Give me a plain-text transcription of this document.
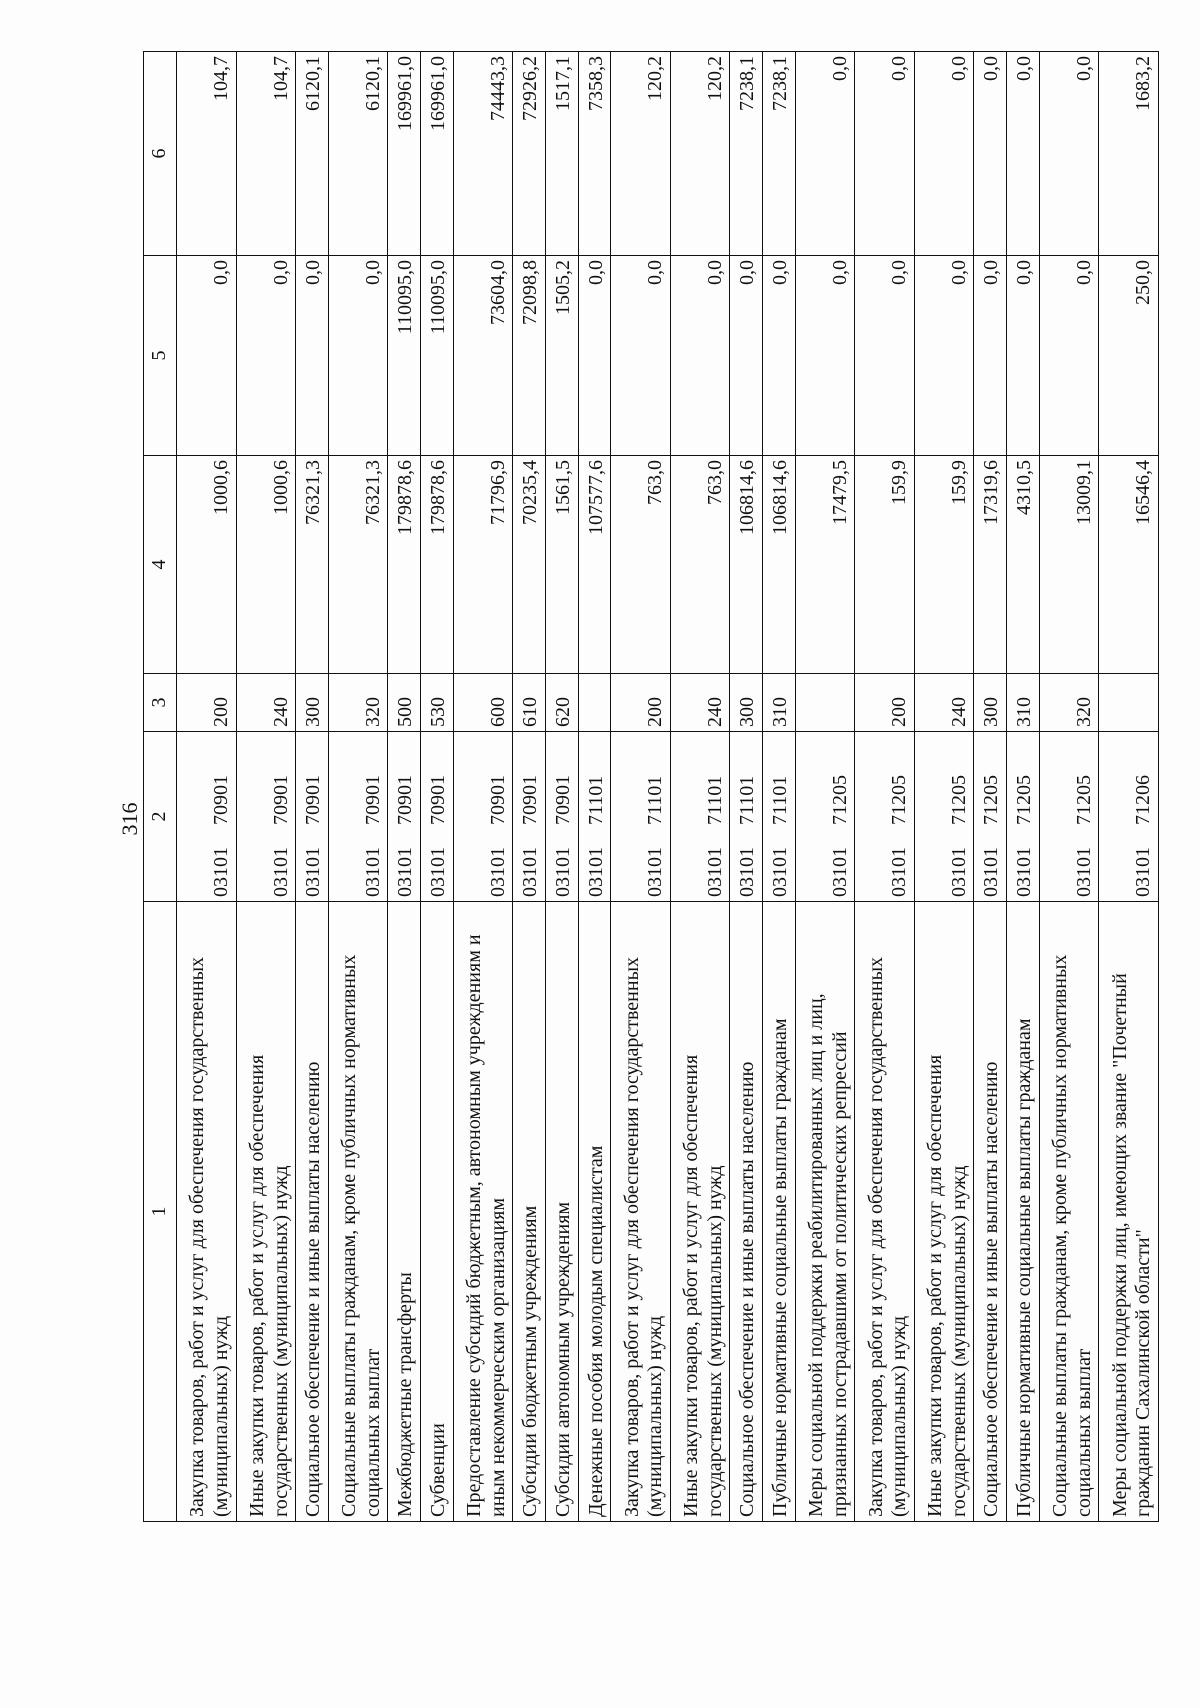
316
1	2	3	4	5	6
Закупка товаров, работ и услуг для обеспечения государственных (муниципальных) нужд	0310170901	200	1000,6	0,0	104,7
Иные закупки товаров, работ и услуг для обеспечения государственных (муниципальных) нужд	0310170901	240	1000,6	0,0	104,7
Социальное обеспечение и иные выплаты населению	0310170901	300	76321,3	0,0	6120,1
Социальные выплаты гражданам, кроме публичных нормативных социальных выплат	0310170901	320	76321,3	0,0	6120,1
Межбюджетные трансферты	0310170901	500	179878,6	110095,0	169961,0
Субвенции	0310170901	530	179878,6	110095,0	169961,0
Предоставление субсидий бюджетным, автономным учреждениям и иным некоммерческим организациям	0310170901	600	71796,9	73604,0	74443,3
Субсидии бюджетным учреждениям	0310170901	610	70235,4	72098,8	72926,2
Субсидии автономным учреждениям	0310170901	620	1561,5	1505,2	1517,1
Денежные пособия молодым специалистам	0310171101		107577,6	0,0	7358,3
Закупка товаров, работ и услуг для обеспечения государственных (муниципальных) нужд	0310171101	200	763,0	0,0	120,2
Иные закупки товаров, работ и услуг для обеспечения государственных (муниципальных) нужд	0310171101	240	763,0	0,0	120,2
Социальное обеспечение и иные выплаты населению	0310171101	300	106814,6	0,0	7238,1
Публичные нормативные социальные выплаты гражданам	0310171101	310	106814,6	0,0	7238,1
Меры социальной поддержки реабилитированных лиц и лиц, признанных пострадавшими от политических репрессий	0310171205		17479,5	0,0	0,0
Закупка товаров, работ и услуг для обеспечения государственных (муниципальных) нужд	0310171205	200	159,9	0,0	0,0
Иные закупки товаров, работ и услуг для обеспечения государственных (муниципальных) нужд	0310171205	240	159,9	0,0	0,0
Социальное обеспечение и иные выплаты населению	0310171205	300	17319,6	0,0	0,0
Публичные нормативные социальные выплаты гражданам	0310171205	310	4310,5	0,0	0,0
Социальные выплаты гражданам, кроме публичных нормативных социальных выплат	0310171205	320	13009,1	0,0	0,0
Меры социальной поддержки лиц, имеющих звание "Почетный гражданин Сахалинской области"	0310171206		16546,4	250,0	1683,2
